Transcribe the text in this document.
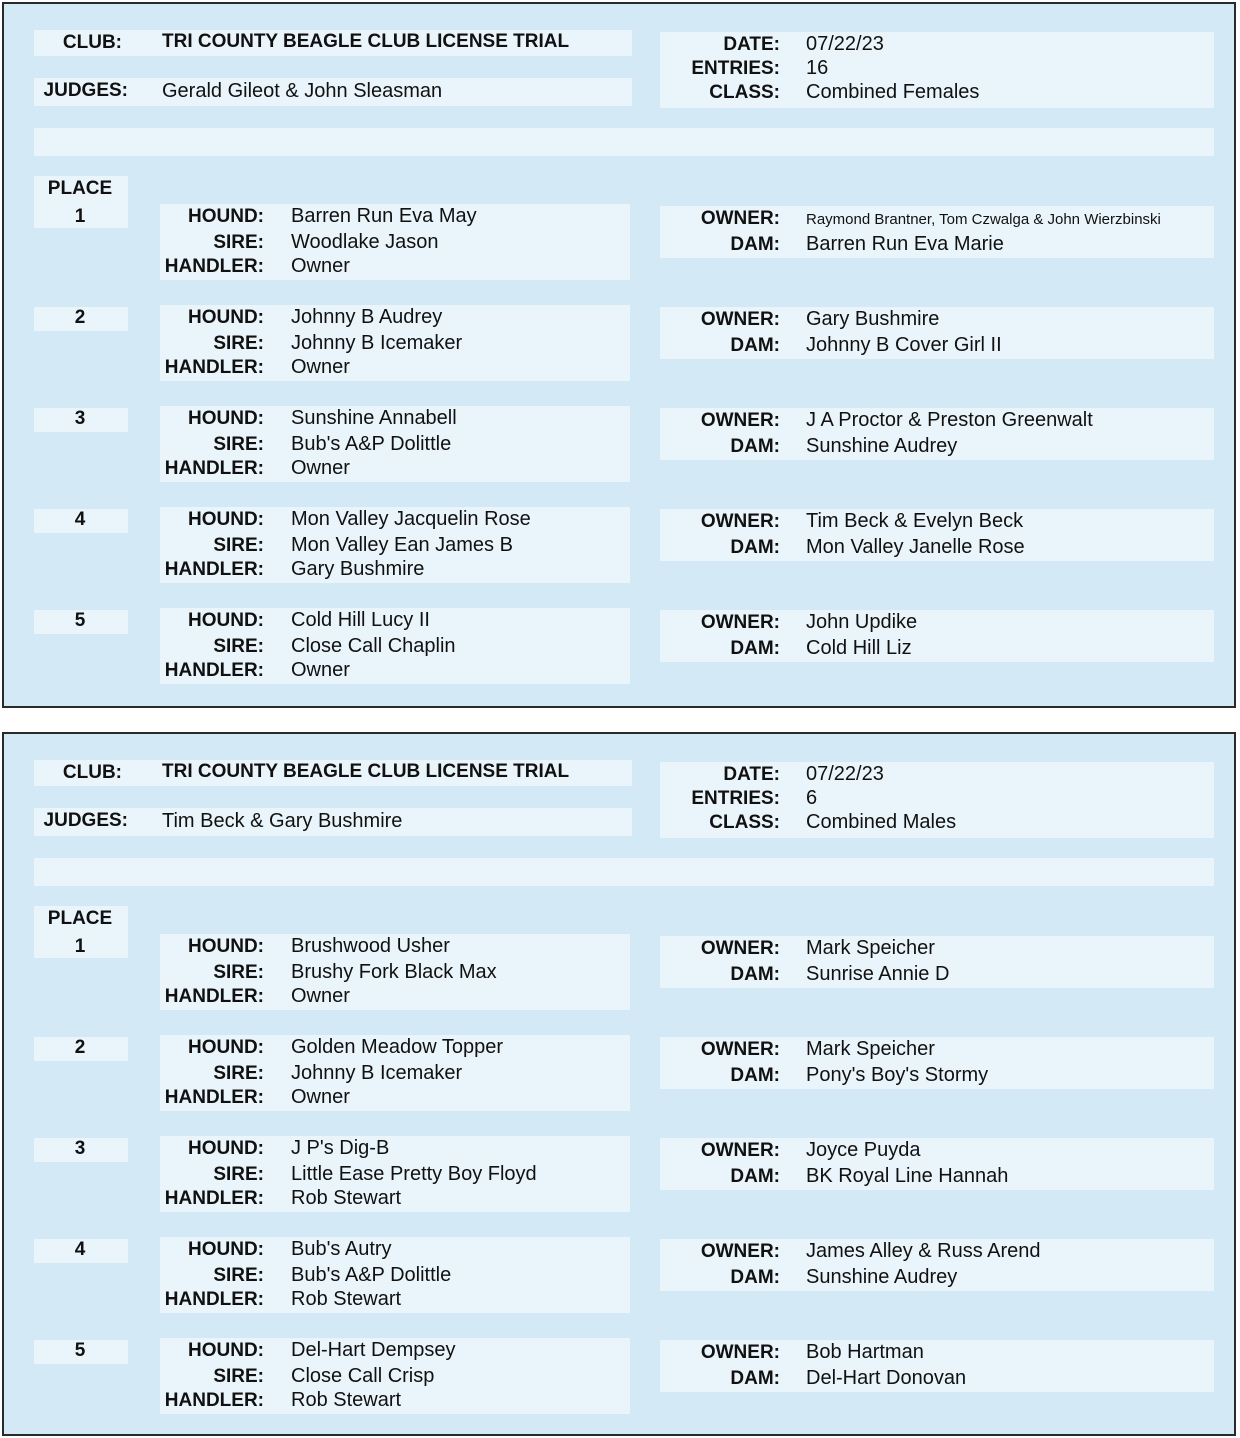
CLUB: TRI COUNTY BEAGLE CLUB LICENSE TRIAL
JUDGES: Gerald Gileot & John Sleasman
DATE: 07/22/23
ENTRIES: 16
CLASS: Combined Females
PLACE
1	HOUND: Barren Run Eva May
SIRE: Woodlake Jason
HANDLER: Owner
OWNER: Raymond Brantner, Tom Czwalga & John Wierzbinski
DAM: Barren Run Eva Marie
2	HOUND: Johnny B Audrey
SIRE: Johnny B Icemaker
HANDLER: Owner
OWNER: Gary Bushmire
DAM: Johnny B Cover Girl II
3	HOUND: Sunshine Annabell
SIRE: Bub's A&P Dolittle
HANDLER: Owner
OWNER: J A Proctor & Preston Greenwalt
DAM: Sunshine Audrey
4	HOUND: Mon Valley Jacquelin Rose
SIRE: Mon Valley Ean James B
HANDLER: Gary Bushmire
OWNER: Tim Beck & Evelyn Beck
DAM: Mon Valley Janelle Rose
5	HOUND: Cold Hill Lucy II
SIRE: Close Call Chaplin
HANDLER: Owner
OWNER: John Updike
DAM: Cold Hill Liz
CLUB: TRI COUNTY BEAGLE CLUB LICENSE TRIAL
JUDGES: Tim Beck & Gary Bushmire
DATE: 07/22/23
ENTRIES: 6
CLASS: Combined Males
PLACE
1	HOUND: Brushwood Usher
SIRE: Brushy Fork Black Max
HANDLER: Owner
OWNER: Mark Speicher
DAM: Sunrise Annie D
2	HOUND: Golden Meadow Topper
SIRE: Johnny B Icemaker
HANDLER: Owner
OWNER: Mark Speicher
DAM: Pony's Boy's Stormy
3	HOUND: J P's Dig-B
SIRE: Little Ease Pretty Boy Floyd
HANDLER: Rob Stewart
OWNER: Joyce Puyda
DAM: BK Royal Line Hannah
4	HOUND: Bub's Autry
SIRE: Bub's A&P Dolittle
HANDLER: Rob Stewart
OWNER: James Alley & Russ Arend
DAM: Sunshine Audrey
5	HOUND: Del-Hart Dempsey
SIRE: Close Call Crisp
HANDLER: Rob Stewart
OWNER: Bob Hartman
DAM: Del-Hart Donovan
